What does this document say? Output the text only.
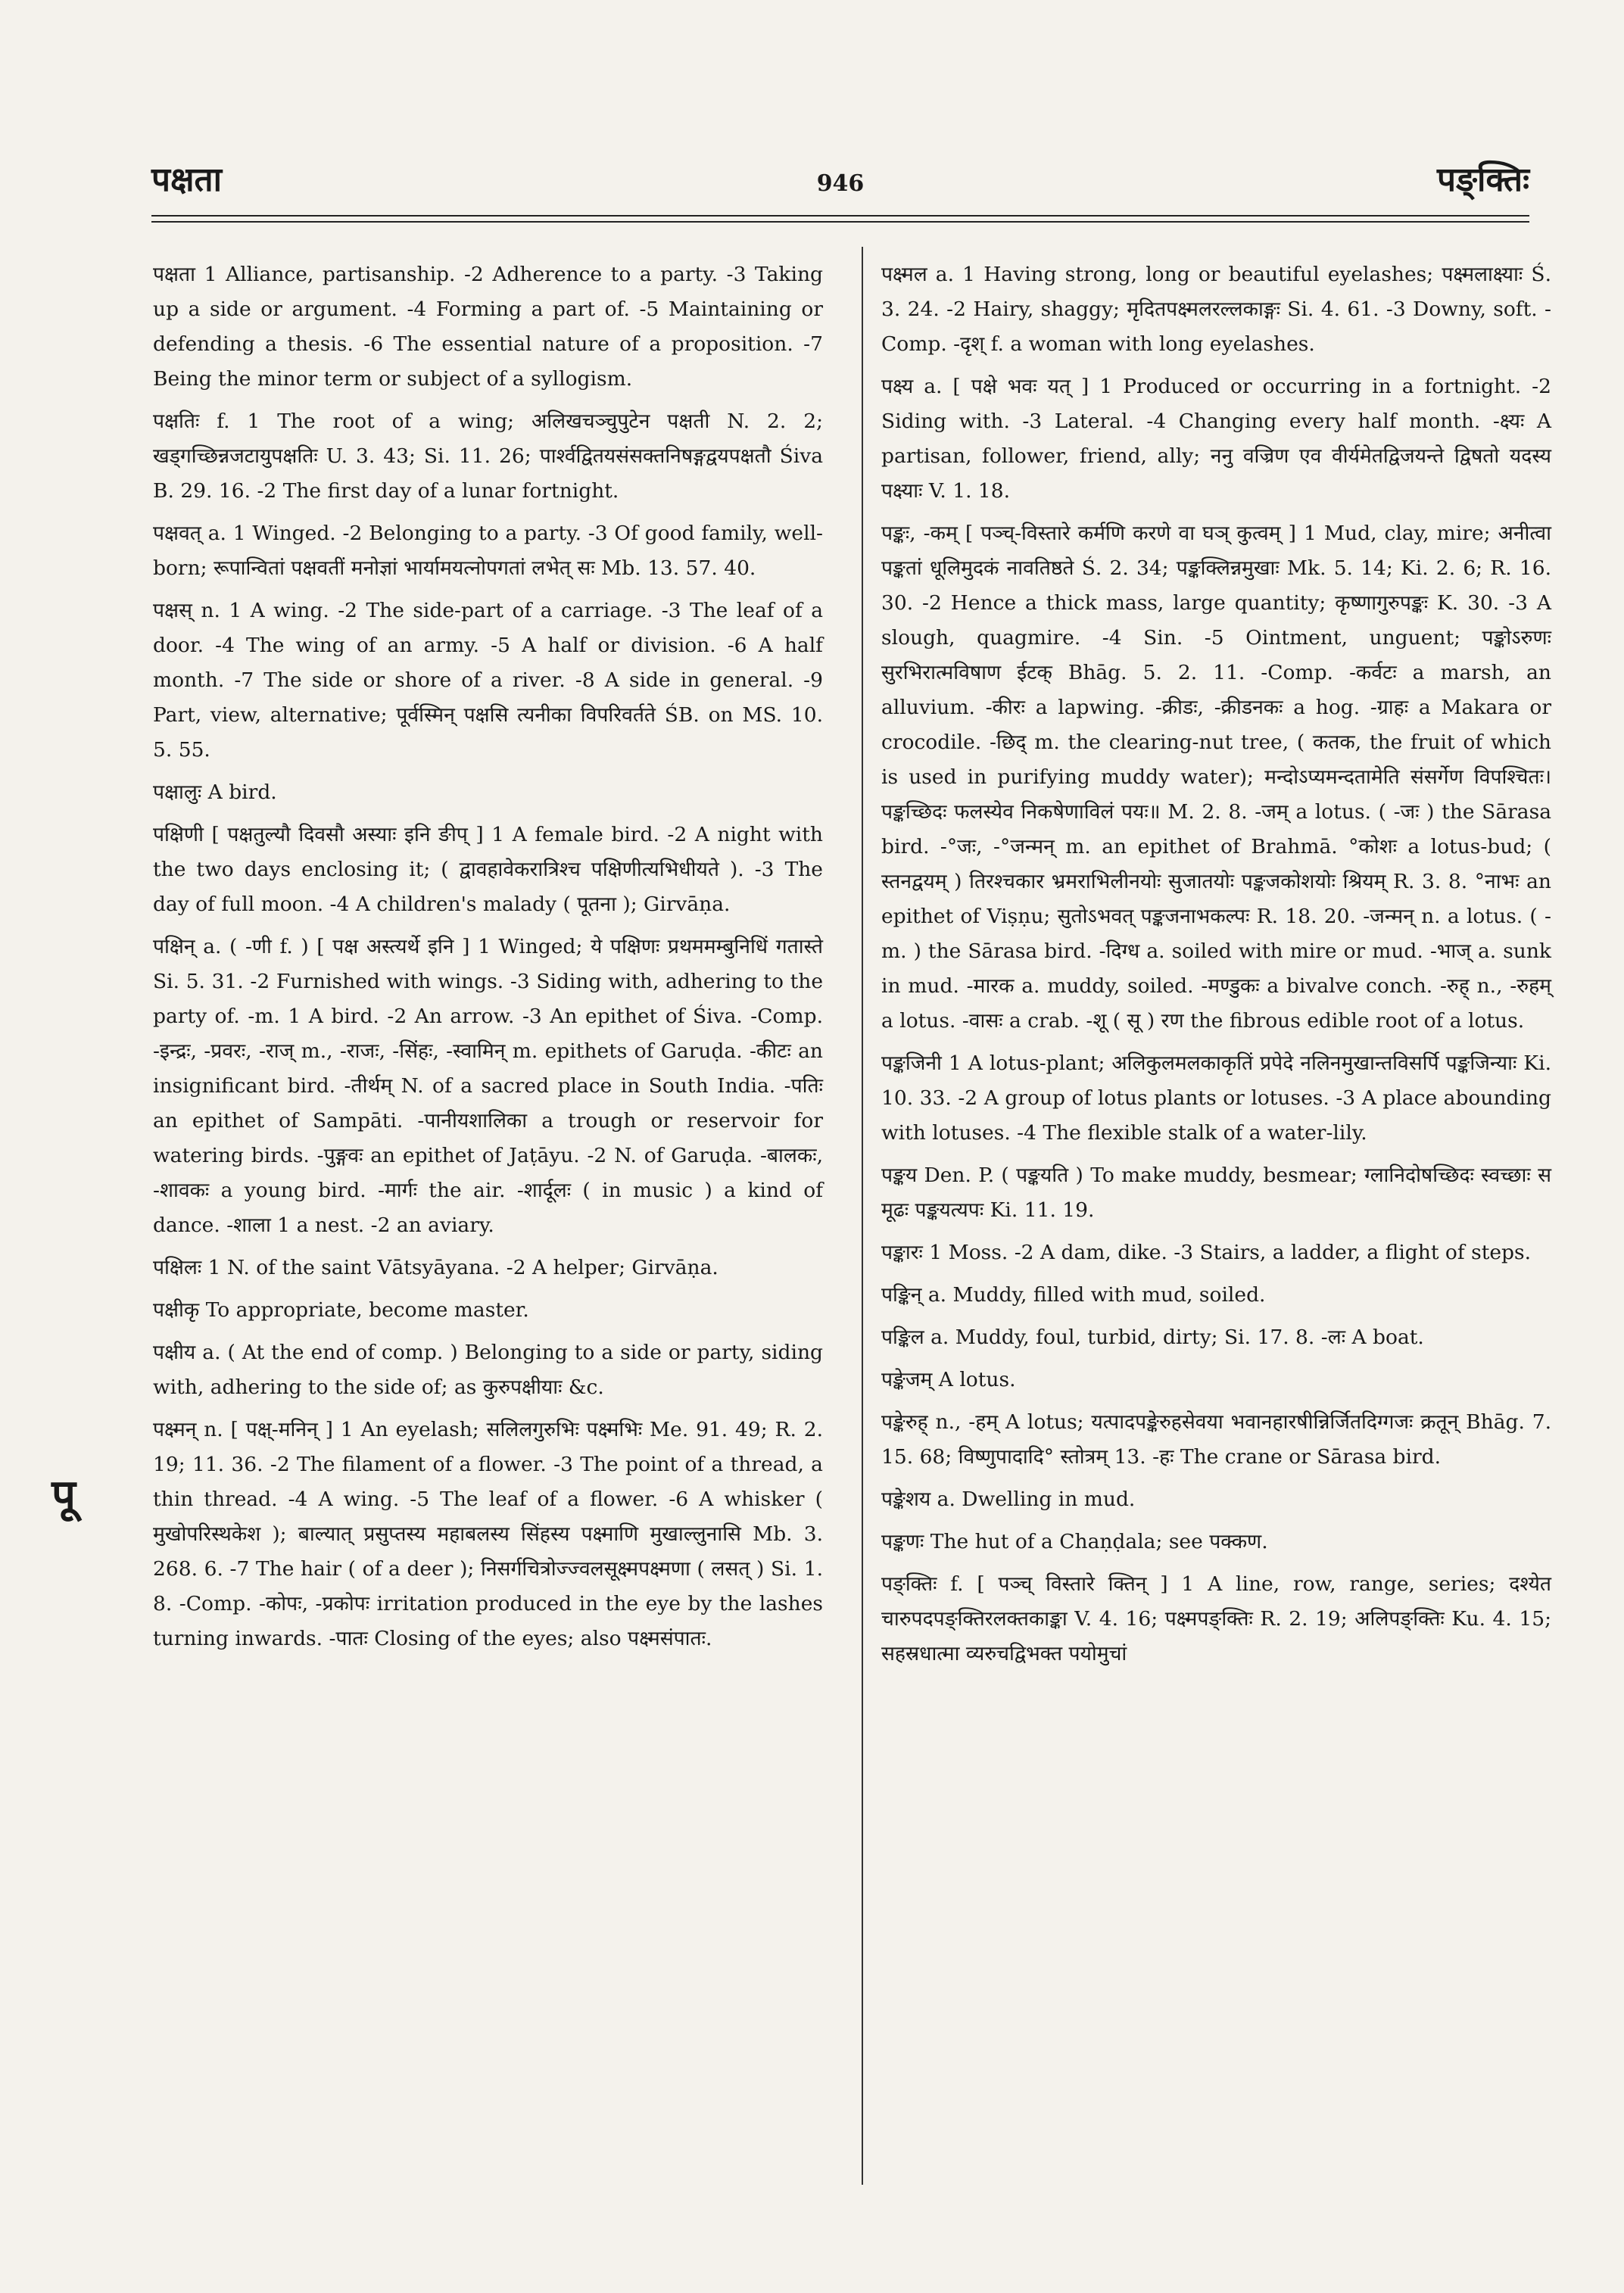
पक्षता	946	पङ्क्तिः
पू

पक्षता 1 Alliance, partisanship. -2 Adherence to a party. -3 Taking up a side or argument. -4 Forming a part of. -5 Maintaining or defending a thesis. -6 The essential nature of a proposition. -7 Being the minor term or subject of a syllogism.

पक्षतिः f. 1 The root of a wing; अलिखचञ्चुपुटेन पक्षती N. 2. 2; खड्गच्छिन्नजटायुपक्षतिः U. 3. 43; Si. 11. 26; पार्श्वद्वितयसंसक्तनिषङ्गद्वयपक्षतौ Śiva B. 29. 16. -2 The first day of a lunar fortnight.

पक्षवत् a. 1 Winged. -2 Belonging to a party. -3 Of good family, well-born; रूपान्वितां पक्षवतीं मनोज्ञां भार्यामयत्नोपगतां लभेत् सः Mb. 13. 57. 40.

पक्षस् n. 1 A wing. -2 The side-part of a carriage. -3 The leaf of a door. -4 The wing of an army. -5 A half or division. -6 A half month. -7 The side or shore of a river. -8 A side in general. -9 Part, view, alternative; पूर्वस्मिन् पक्षसि त्यनीका विपरिवर्तते ŚB. on MS. 10. 5. 55.

पक्षालुः A bird.

पक्षिणी [ पक्षतुल्यौ दिवसौ अस्याः इनि ङीप् ] 1 A female bird. -2 A night with the two days enclosing it; ( द्वावहावेकरात्रिश्च पक्षिणीत्यभिधीयते ). -3 The day of full moon. -4 A children's malady ( पूतना ); Girvāṇa.

पक्षिन् a. ( -णी f. ) [ पक्ष अस्त्यर्थे इनि ] 1 Winged; ये पक्षिणः प्रथममम्बुनिधिं गतास्ते Si. 5. 31. -2 Furnished with wings. -3 Siding with, adhering to the party of. -m. 1 A bird. -2 An arrow. -3 An epithet of Śiva. -Comp. -इन्द्रः, -प्रवरः, -राज् m., -राजः, -सिंहः, -स्वामिन् m. epithets of Garuḍa. -कीटः an insignificant bird. -तीर्थम् N. of a sacred place in South India. -पतिः an epithet of Sampāti. -पानीयशालिका a trough or reservoir for watering birds. -पुङ्गवः an epithet of Jaṭāyu. -2 N. of Garuḍa. -बालकः, -शावकः a young bird. -मार्गः the air. -शार्दूलः ( in music ) a kind of dance. -शाला 1 a nest. -2 an aviary.

पक्षिलः 1 N. of the saint Vātsyāyana. -2 A helper; Girvāṇa.

पक्षीकृ To appropriate, become master.

पक्षीय a. ( At the end of comp. ) Belonging to a side or party, siding with, adhering to the side of; as कुरुपक्षीयाः &c.

पक्ष्मन् n. [ पक्ष्-मनिन् ] 1 An eyelash; सलिलगुरुभिः पक्ष्मभिः Me. 91. 49; R. 2. 19; 11. 36. -2 The filament of a flower. -3 The point of a thread, a thin thread. -4 A wing. -5 The leaf of a flower. -6 A whisker ( मुखोपरिस्थकेश ); बाल्यात् प्रसुप्तस्य महाबलस्य सिंहस्य पक्ष्माणि मुखाल्लुनासि Mb. 3. 268. 6. -7 The hair ( of a deer ); निसर्गचित्रोज्ज्वलसूक्ष्मपक्ष्मणा ( लसत् ) Si. 1. 8. -Comp. -कोपः, -प्रकोपः irritation produced in the eye by the lashes turning inwards. -पातः Closing of the eyes; also पक्ष्मसंपातः.

पक्ष्मल a. 1 Having strong, long or beautiful eyelashes; पक्ष्मलाक्ष्याः Ś. 3. 24. -2 Hairy, shaggy; मृदितपक्ष्मलरल्लकाङ्गः Si. 4. 61. -3 Downy, soft. -Comp. -दृश् f. a woman with long eyelashes.

पक्ष्य a. [ पक्षे भवः यत् ] 1 Produced or occurring in a fortnight. -2 Siding with. -3 Lateral. -4 Changing every half month. -क्ष्यः A partisan, follower, friend, ally; ननु वज्रिण एव वीर्यमेतद्विजयन्ते द्विषतो यदस्य पक्ष्याः V. 1. 18.

पङ्कः, -कम् [ पञ्च्-विस्तारे कर्मणि करणे वा घञ् कुत्वम् ] 1 Mud, clay, mire; अनीत्वा पङ्कतां धूलिमुदकं नावतिष्ठते Ś. 2. 34; पङ्कक्लिन्नमुखाः Mk. 5. 14; Ki. 2. 6; R. 16. 30. -2 Hence a thick mass, large quantity; कृष्णागुरुपङ्कः K. 30. -3 A slough, quagmire. -4 Sin. -5 Ointment, unguent; पङ्कोऽरुणः सुरभिरात्मविषाण ईटक् Bhāg. 5. 2. 11. -Comp. -कर्वटः a marsh, an alluvium. -कीरः a lapwing. -क्रीडः, -क्रीडनकः a hog. -ग्राहः a Makara or crocodile. -छिद् m. the clearing-nut tree, ( कतक, the fruit of which is used in purifying muddy water); मन्दोऽप्यमन्दतामेति संसर्गेण विपश्चितः। पङ्कच्छिदः फलस्येव निकषेणाविलं पयः॥ M. 2. 8. -जम् a lotus. ( -जः ) the Sārasa bird. -°जः, -°जन्मन् m. an epithet of Brahmā. °कोशः a lotus-bud; ( स्तनद्वयम् ) तिरश्चकार भ्रमराभिलीनयोः सुजातयोः पङ्कजकोशयोः श्रियम् R. 3. 8. °नाभः an epithet of Viṣṇu; सुतोऽभवत् पङ्कजनाभकल्पः R. 18. 20. -जन्मन् n. a lotus. ( -m. ) the Sārasa bird. -दिग्ध a. soiled with mire or mud. -भाज् a. sunk in mud. -मारक a. muddy, soiled. -मण्डुकः a bivalve conch. -रुह् n., -रुहम् a lotus. -वासः a crab. -शू ( सू ) रण the fibrous edible root of a lotus.

पङ्कजिनी 1 A lotus-plant; अलिकुलमलकाकृतिं प्रपेदे नलिनमुखान्तविसर्पि पङ्कजिन्याः Ki. 10. 33. -2 A group of lotus plants or lotuses. -3 A place abounding with lotuses. -4 The flexible stalk of a water-lily.

पङ्कय Den. P. ( पङ्कयति ) To make muddy, besmear; ग्लानिदोषच्छिदः स्वच्छाः स मूढः पङ्कयत्यपः Ki. 11. 19.

पङ्कारः 1 Moss. -2 A dam, dike. -3 Stairs, a ladder, a flight of steps.

पङ्किन् a. Muddy, filled with mud, soiled.

पङ्किल a. Muddy, foul, turbid, dirty; Si. 17. 8. -लः A boat.

पङ्केजम् A lotus.

पङ्केरुह् n., -हम् A lotus; यत्पादपङ्केरुहसेवया भवानहारषीन्निर्जितदिग्गजः क्रतून् Bhāg. 7. 15. 68; विष्णुपादादि° स्तोत्रम् 13. -हः The crane or Sārasa bird.

पङ्केशय a. Dwelling in mud.

पङ्कणः The hut of a Chaṇḍala; see पक्कण.

पङ्क्तिः f. [ पञ्च् विस्तारे क्तिन् ] 1 A line, row, range, series; दश्येत चारुपदपङ्क्तिरलक्तकाङ्का V. 4. 16; पक्ष्मपङ्क्तिः R. 2. 19; अलिपङ्क्तिः Ku. 4. 15; सहस्रधात्मा व्यरुचद्विभक्त पयोमुचां
